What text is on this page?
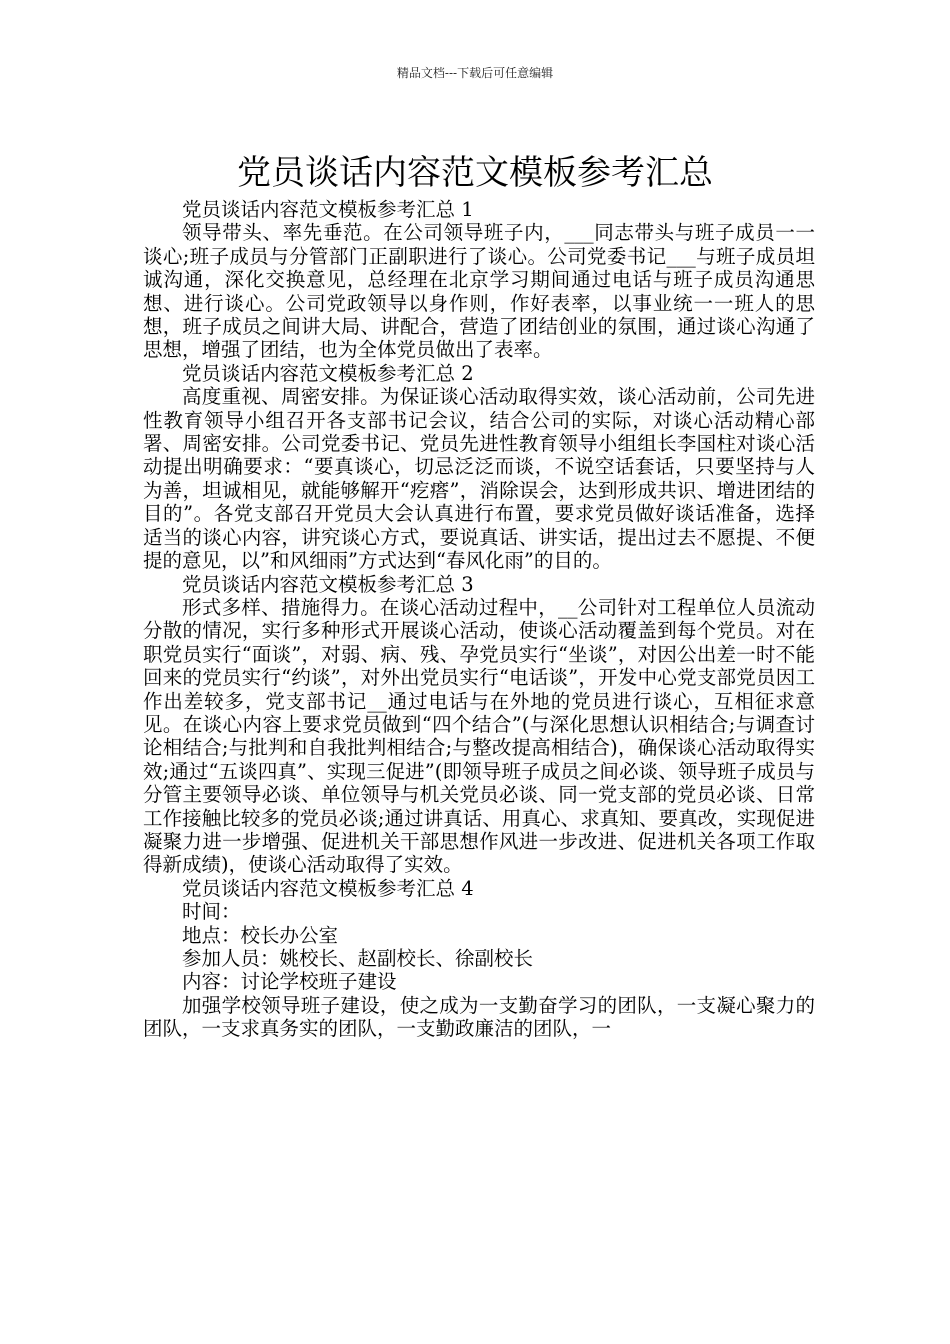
精品文档---下载后可任意编辑
党员谈话内容范文模板参考汇总

党员谈话内容范文模板参考汇总 1

领导带头、率先垂范。在公司领导班子内，___同志带头与班子成员一一谈心;班子成员与分管部门正副职进行了谈心。公司党委书记___与班子成员坦诚沟通，深化交换意见，总经理在北京学习期间通过电话与班子成员沟通思想、进行谈心。公司党政领导以身作则，作好表率，以事业统一一班人的思想，班子成员之间讲大局、讲配合，营造了团结创业的氛围，通过谈心沟通了思想，增强了团结，也为全体党员做出了表率。

党员谈话内容范文模板参考汇总 2

高度重视、周密安排。为保证谈心活动取得实效，谈心活动前，公司先进性教育领导小组召开各支部书记会议，结合公司的实际，对谈心活动精心部署、周密安排。公司党委书记、党员先进性教育领导小组组长李国柱对谈心活动提出明确要求：“要真谈心，切忌泛泛而谈，不说空话套话，只要坚持与人为善，坦诚相见，就能够解开“疙瘩”，消除误会，达到形成共识、增进团结的目的”。各党支部召开党员大会认真进行布置，要求党员做好谈话准备，选择适当的谈心内容，讲究谈心方式，要说真话、讲实话，提出过去不愿提、不便提的意见，以”和风细雨”方式达到“春风化雨”的目的。

党员谈话内容范文模板参考汇总 3

形式多样、措施得力。在谈心活动过程中，__公司针对工程单位人员流动分散的情况，实行多种形式开展谈心活动，使谈心活动覆盖到每个党员。对在职党员实行“面谈”，对弱、病、残、孕党员实行“坐谈”，对因公出差一时不能回来的党员实行“约谈”，对外出党员实行“电话谈”，开发中心党支部党员因工作出差较多，党支部书记__通过电话与在外地的党员进行谈心，互相征求意见。在谈心内容上要求党员做到“四个结合”(与深化思想认识相结合;与调查讨论相结合;与批判和自我批判相结合;与整改提高相结合)，确保谈心活动取得实效;通过“五谈四真”、实现三促进”(即领导班子成员之间必谈、领导班子成员与分管主要领导必谈、单位领导与机关党员必谈、同一党支部的党员必谈、日常工作接触比较多的党员必谈;通过讲真话、用真心、求真知、要真改，实现促进凝聚力进一步增强、促进机关干部思想作风进一步改进、促进机关各项工作取得新成绩)，使谈心活动取得了实效。

党员谈话内容范文模板参考汇总 4

时间：

地点：校长办公室

参加人员：姚校长、赵副校长、徐副校长

内容：讨论学校班子建设

加强学校领导班子建设，使之成为一支勤奋学习的团队，一支凝心聚力的团队，一支求真务实的团队，一支勤政廉洁的团队，一
